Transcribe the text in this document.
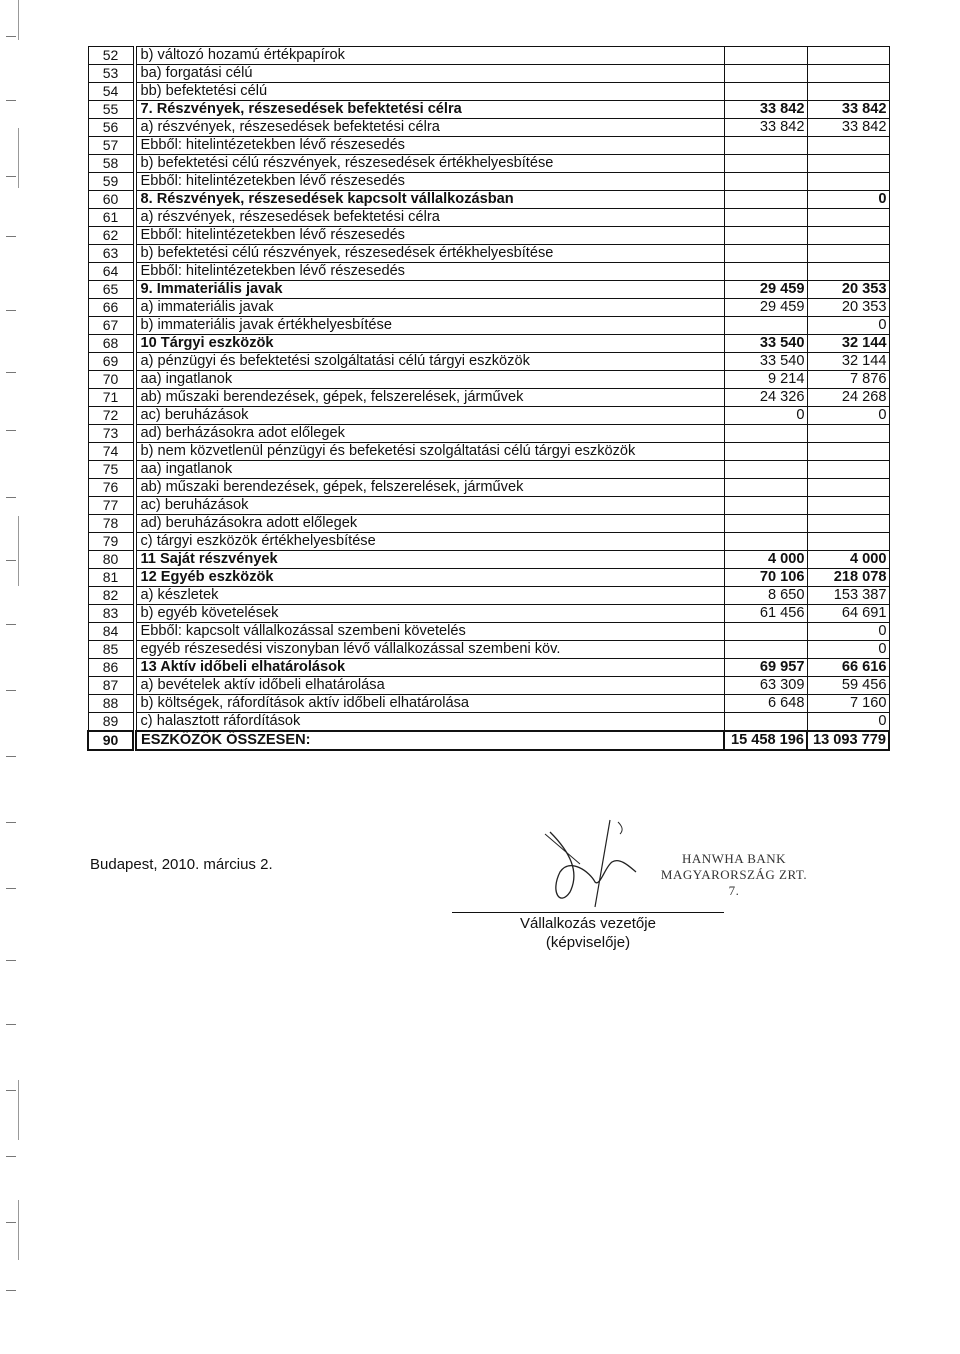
52		b) változó hozamú értékpapírok		
53		ba) forgatási célú		
54		bb) befektetési célú		
55		7. Részvények, részesedések befektetési célra	33 842	33 842
56		a) részvények, részesedések befektetési célra	33 842	33 842
57		Ebből: hitelintézetekben lévő részesedés		
58		b) befektetési célú részvények, részesedések értékhelyesbítése		
59		Ebből: hitelintézetekben lévő részesedés		
60		8. Részvények, részesedések kapcsolt vállalkozásban		0
61		a) részvények, részesedések befektetési célra		
62		Ebből: hitelintézetekben lévő részesedés		
63		b) befektetési célú részvények, részesedések értékhelyesbítése		
64		Ebből: hitelintézetekben lévő részesedés		
65		9. Immateriális javak	29 459	20 353
66		a) immateriális javak	29 459	20 353
67		b) immateriális javak értékhelyesbítése		0
68		10 Tárgyi eszközök	33 540	32 144
69		a) pénzügyi és befektetési szolgáltatási célú tárgyi eszközök	33 540	32 144
70		aa) ingatlanok	9 214	7 876
71		ab) műszaki berendezések, gépek, felszerelések, járművek	24 326	24 268
72		ac) beruházások	0	0
73		ad) berházásokra adot előlegek		
74		b) nem közvetlenül pénzügyi és befeketési szolgáltatási célú tárgyi eszközök		
75		aa) ingatlanok		
76		ab) műszaki berendezések, gépek, felszerelések, járművek		
77		ac) beruházások		
78		ad) beruházásokra adott előlegek		
79		c) tárgyi eszközök értékhelyesbítése		
80		11 Saját részvények	4 000	4 000
81		12 Egyéb eszközök	70 106	218 078
82		a) készletek	8 650	153 387
83		b) egyéb követelések	61 456	64 691
84		Ebből: kapcsolt vállalkozással szembeni követelés		0
85		egyéb részesedési viszonyban lévő vállalkozással szembeni köv.		0
86		13 Aktív időbeli elhatárolások	69 957	66 616
87		a) bevételek aktív időbeli elhatárolása	63 309	59 456
88		b) költségek, ráfordítások aktív időbeli elhatárolása	6 648	7 160
89		c) halasztott ráfordítások		0
90		ESZKÖZÖK ÖSSZESEN:	15 458 196	13 093 779
Budapest, 2010. március 2.	HANWHA BANK
MAGYARORSZÁG ZRT.
7.
Vállalkozás vezetője
(képviselője)
